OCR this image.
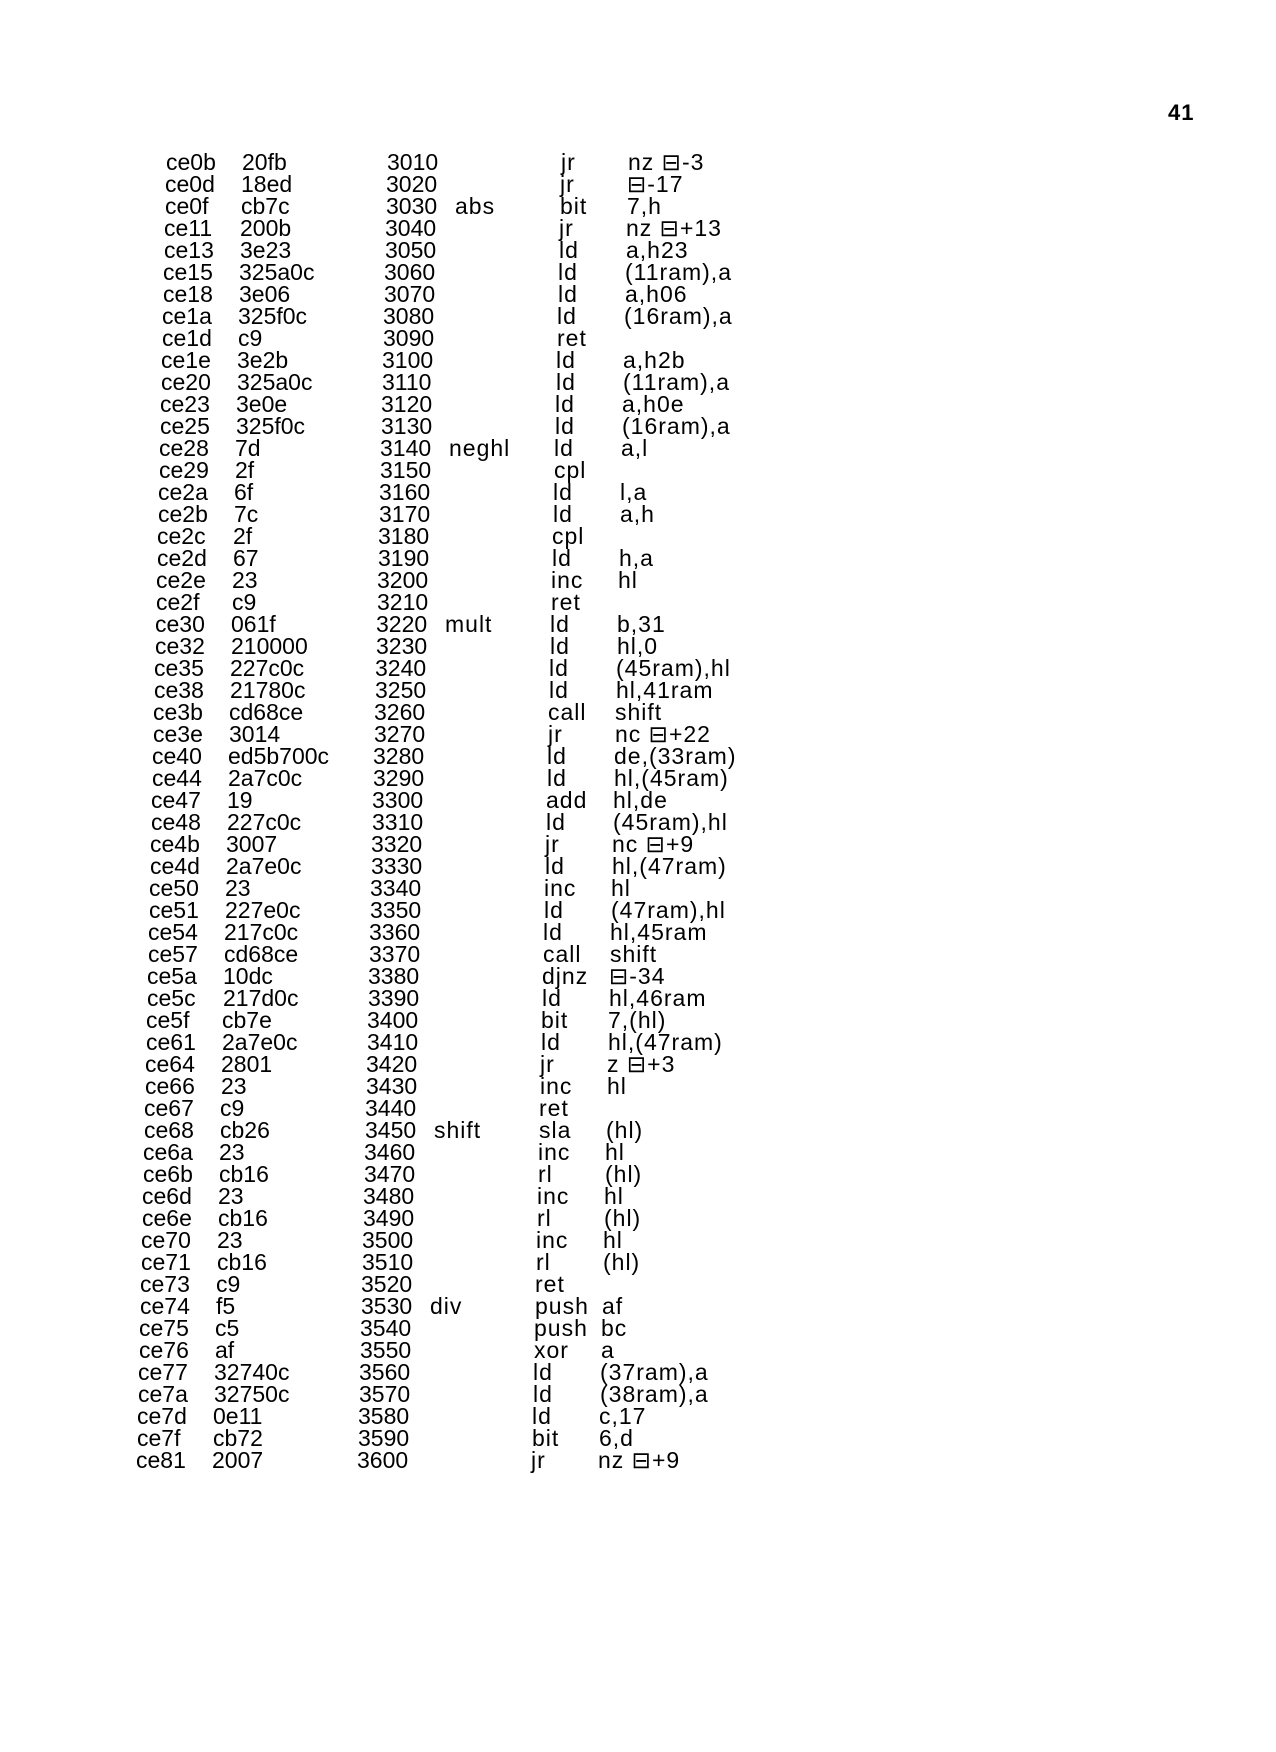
41
ce0b 20fb	3010	jr nz ⊟-3
ce0d 18ed	3020	jr ⊟-17
ce0f cb7c	3030 abs	bit 7,h
ce11 200b	3040	jr nz ⊟+13
ce13 3e23	3050	ld a,h23
ce15 325a0c	3060	ld (11ram),a
ce18 3e06	3070	ld a,h06
ce1a 325f0c	3080	ld (16ram),a
ce1d c9	3090	ret
ce1e 3e2b	3100	ld a,h2b
ce20 325a0c	3110	ld (11ram),a
ce23 3e0e	3120	ld a,h0e
ce25 325f0c	3130	ld (16ram),a
ce28 7d	3140 neghl ld a,l
ce29 2f	3150	cpl
ce2a 6f	3160	ld l,a
ce2b 7c	3170	ld a,h
ce2c 2f	3180	cpl
ce2d 67	3190	ld h,a
ce2e 23	3200	inc hl
ce2f c9	3210	ret
ce30 061f	3220 mult	ld b,31
ce32 210000	3230	ld hl,0
ce35 227c0c	3240	ld (45ram),hl
ce38 21780c	3250	ld hl,41ram
ce3b cd68ce	3260	call shift
ce3e 3014	3270	jr nc ⊟+22
ce40 ed5b700c 3280	ld de,(33ram)
ce44 2a7c0c	3290	ld hl,(45ram)
ce47 19	3300	add hl,de
ce48 227c0c	3310	ld (45ram),hl
ce4b 3007	3320	jr nc ⊟+9
ce4d 2a7e0c	3330	ld hl,(47ram)
ce50 23	3340	inc hl
ce51 227e0c	3350	ld (47ram),hl
ce54 217c0c	3360	ld hl,45ram
ce57 cd68ce	3370	call shift
ce5a 10dc	3380	djnz ⊟-34
ce5c 217d0c	3390	ld hl,46ram
ce5f cb7e	3400	bit 7,(hl)
ce61 2a7e0c	3410	ld hl,(47ram)
ce64 2801	3420	jr z ⊟+3
ce66 23	3430	inc hl
ce67 c9	3440	ret
ce68 cb26	3450 shift	sla (hl)
ce6a 23	3460	inc hl
ce6b cb16	3470	rl (hl)
ce6d 23	3480	inc hl
ce6e cb16	3490	rl (hl)
ce70 23	3500	inc hl
ce71 cb16	3510	rl (hl)
ce73 c9	3520	ret
ce74 f5	3530 div	push af
ce75 c5	3540	push bc
ce76 af	3550	xor a
ce77 32740c	3560	ld (37ram),a
ce7a 32750c	3570	ld (38ram),a
ce7d 0e11	3580	ld c,17
ce7f cb72	3590	bit 6,d
ce81 2007	3600	jr nz ⊟+9
